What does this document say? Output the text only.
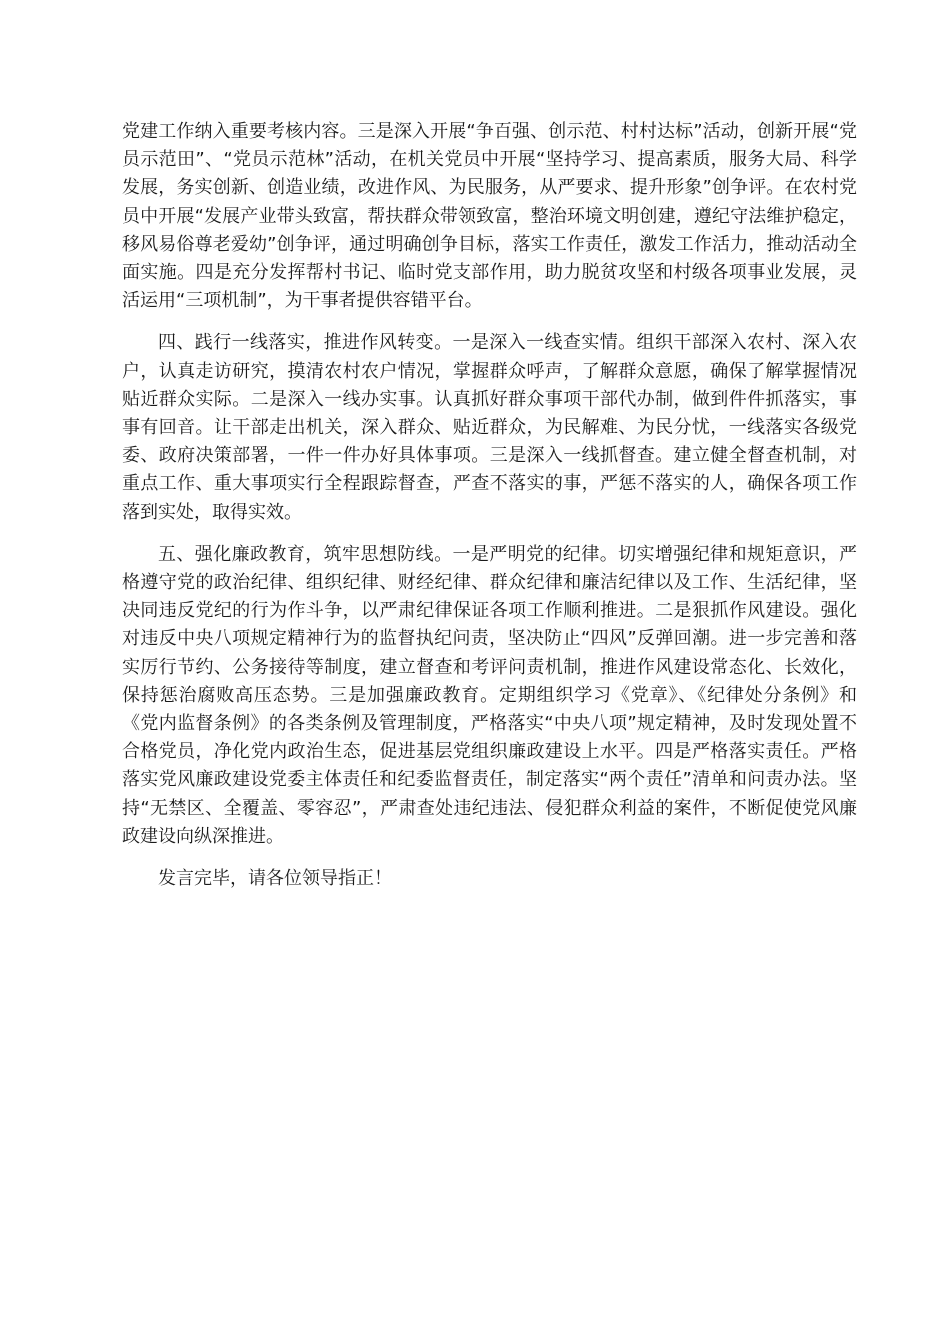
党建工作纳入重要考核内容。三是深入开展“争百强、创示范、村村达标”活动，创新开展“党员示范田”、“党员示范林”活动，在机关党员中开展“坚持学习、提高素质，服务大局、科学发展，务实创新、创造业绩，改进作风、为民服务，从严要求、提升形象”创争评。在农村党员中开展“发展产业带头致富，帮扶群众带领致富，整治环境文明创建，遵纪守法维护稳定，移风易俗尊老爱幼”创争评，通过明确创争目标，落实工作责任，激发工作活力，推动活动全面实施。四是充分发挥帮村书记、临时党支部作用，助力脱贫攻坚和村级各项事业发展，灵活运用“三项机制”，为干事者提供容错平台。

四、践行一线落实，推进作风转变。一是深入一线查实情。组织干部深入农村、深入农户，认真走访研究，摸清农村农户情况，掌握群众呼声，了解群众意愿，确保了解掌握情况贴近群众实际。二是深入一线办实事。认真抓好群众事项干部代办制，做到件件抓落实，事事有回音。让干部走出机关，深入群众、贴近群众，为民解难、为民分忧，一线落实各级党委、政府决策部署，一件一件办好具体事项。三是深入一线抓督查。建立健全督查机制，对重点工作、重大事项实行全程跟踪督查，严查不落实的事，严惩不落实的人，确保各项工作落到实处，取得实效。

五、强化廉政教育，筑牢思想防线。一是严明党的纪律。切实增强纪律和规矩意识，严格遵守党的政治纪律、组织纪律、财经纪律、群众纪律和廉洁纪律以及工作、生活纪律，坚决同违反党纪的行为作斗争，以严肃纪律保证各项工作顺利推进。二是狠抓作风建设。强化对违反中央八项规定精神行为的监督执纪问责，坚决防止“四风”反弹回潮。进一步完善和落实厉行节约、公务接待等制度，建立督查和考评问责机制，推进作风建设常态化、长效化，保持惩治腐败高压态势。三是加强廉政教育。定期组织学习《党章》、《纪律处分条例》和《党内监督条例》的各类条例及管理制度，严格落实“中央八项”规定精神，及时发现处置不合格党员，净化党内政治生态，促进基层党组织廉政建设上水平。四是严格落实责任。严格落实党风廉政建设党委主体责任和纪委监督责任，制定落实“两个责任”清单和问责办法。坚持“无禁区、全覆盖、零容忍”，严肃查处违纪违法、侵犯群众利益的案件，不断促使党风廉政建设向纵深推进。

发言完毕，请各位领导指正！
